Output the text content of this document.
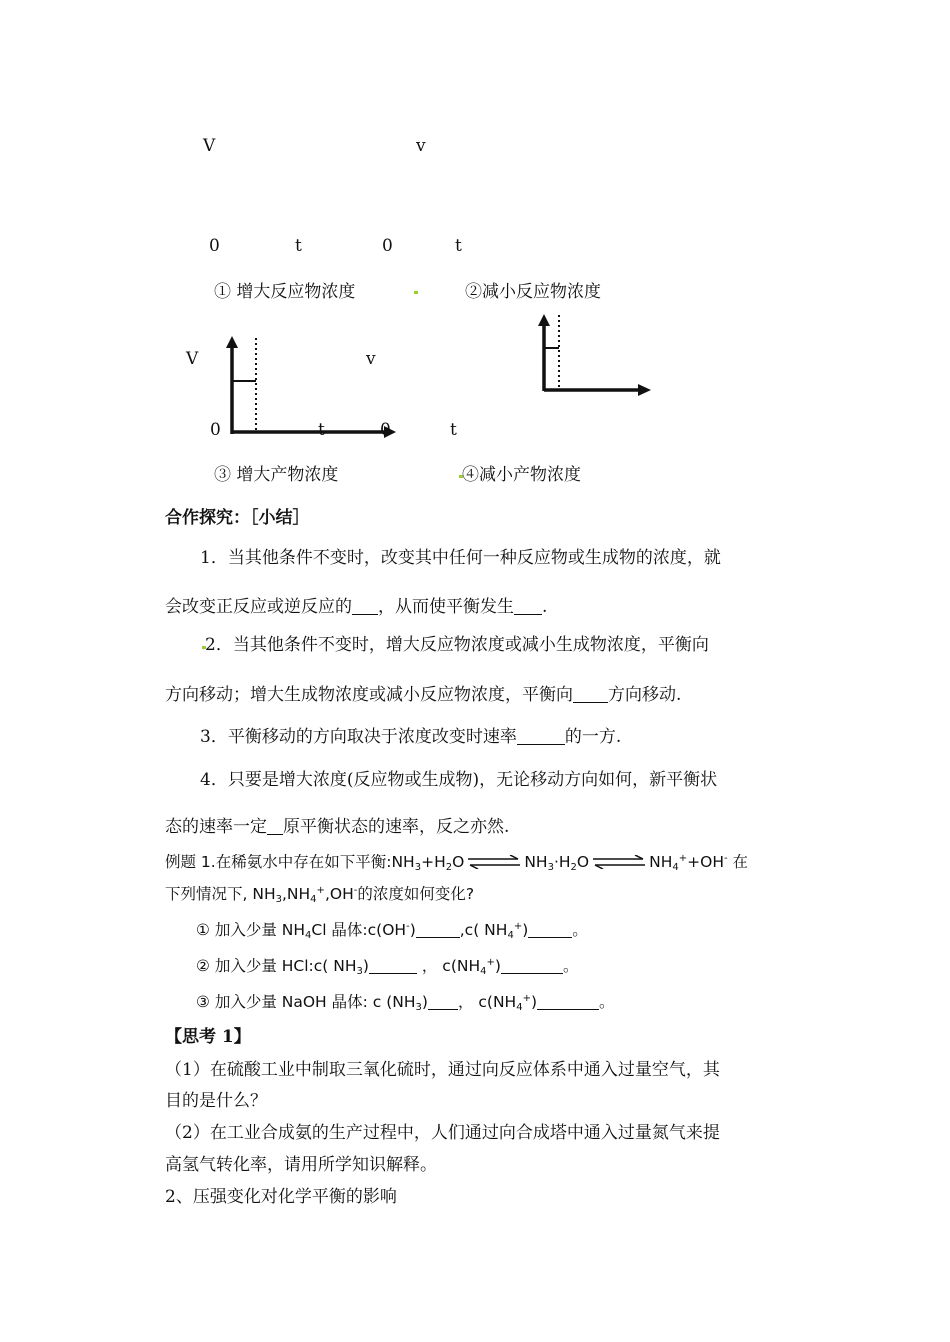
V	v
0	t	0	t
① 增大反应物浓度	②减小反应物浓度
V	v
0	t	0	t
③ 增大产物浓度	④减小产物浓度
合作探究：［小结］
1．当其他条件不变时，改变其中任何一种反应物或生成物的浓度，就
会改变正反应或逆反应的 ，从而使平衡发生 .
2．当其他条件不变时，增大反应物浓度或减小生成物浓度，平衡向
方向移动；增大生成物浓度或减小反应物浓度，平衡向 方向移动.
3．平衡移动的方向取决于浓度改变时速率	的一方.
4．只要是增大浓度(反应物或生成物)，无论移动方向如何，新平衡状
态的速率一定 原平衡状态的速率，反之亦然.
例题 1.在稀氨水中存在如下平衡$:NH_3+H_2O$ ⇌ $NH_3\cdot H_2O$ ⇌ $NH_4^++OH^-$ 在
下列情况下, $NH_3,NH_4^+,OH^-$的浓度如何变化?
① 加入少量 $NH_4Cl$ 晶体:c(OH-)	,c( $NH_4^+$)	。
② 加入少量 HCl:c( $NH_3$)	， $c(NH_4^+)$	。
③ 加入少量 NaOH 晶体: c $(NH_3)$ ， $c(NH_4^+)$	。
【思考 1】
（1）在硫酸工业中制取三氧化硫时，通过向反应体系中通入过量空气，其
目的是什么？
（2）在工业合成氨的生产过程中，人们通过向合成塔中通入过量氮气来提
高氢气转化率，请用所学知识解释。
2、压强变化对化学平衡的影响
